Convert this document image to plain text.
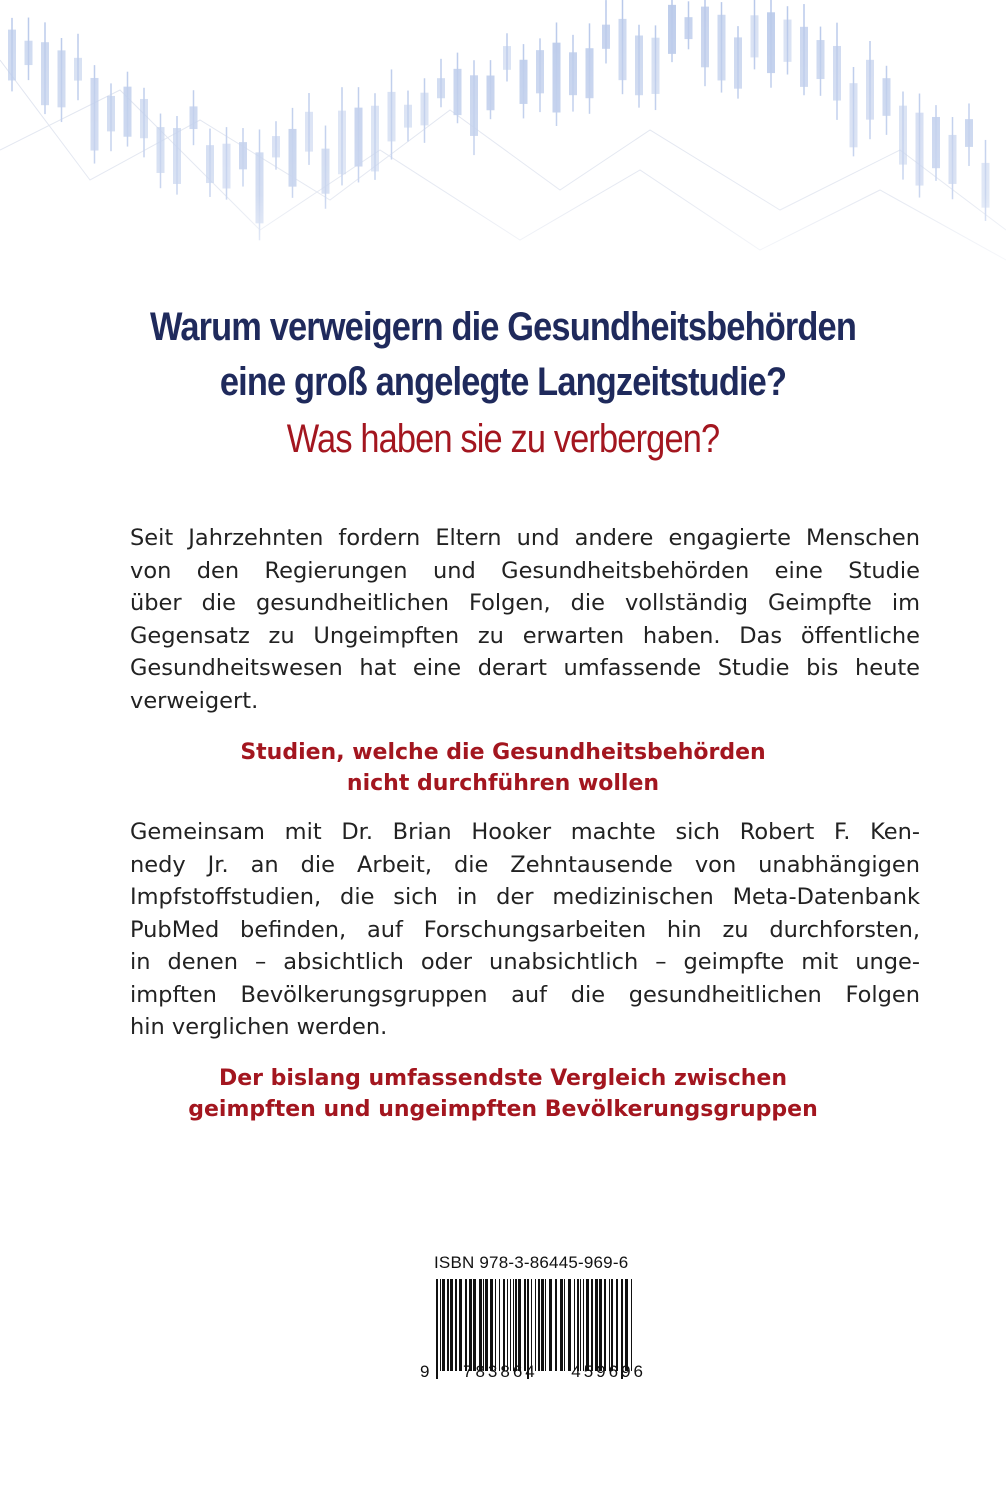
Warum verweigern die Gesundheitsbehörden
eine groß angelegte Langzeitstudie?
Was haben sie zu verbergen?
Seit Jahrzehnten fordern Eltern und andere engagierte Menschen
von den Regierungen und Gesundheitsbehörden eine Studie
über die gesundheitlichen Folgen, die vollständig Geimpfte im
Gegensatz zu Ungeimpften zu erwarten haben. Das öffentliche
Gesundheitswesen hat eine derart umfassende Studie bis heute
verweigert.
Studien, welche die Gesundheitsbehörden
nicht durchführen wollen
Gemeinsam mit Dr. Brian Hooker machte sich Robert F. Ken-
nedy Jr. an die Arbeit, die Zehntausende von unabhängigen
Impfstoffstudien, die sich in der medizinischen Meta-Datenbank
PubMed befinden, auf Forschungsarbeiten hin zu durchforsten,
in denen – absichtlich oder unabsichtlich – geimpfte mit unge-
impften Bevölkerungsgruppen auf die gesundheitlichen Folgen
hin verglichen werden.
Der bislang umfassendste Vergleich zwischen
geimpften und ungeimpften Bevölkerungsgruppen
ISBN 978-3-86445-969-6
9 783864 459696
